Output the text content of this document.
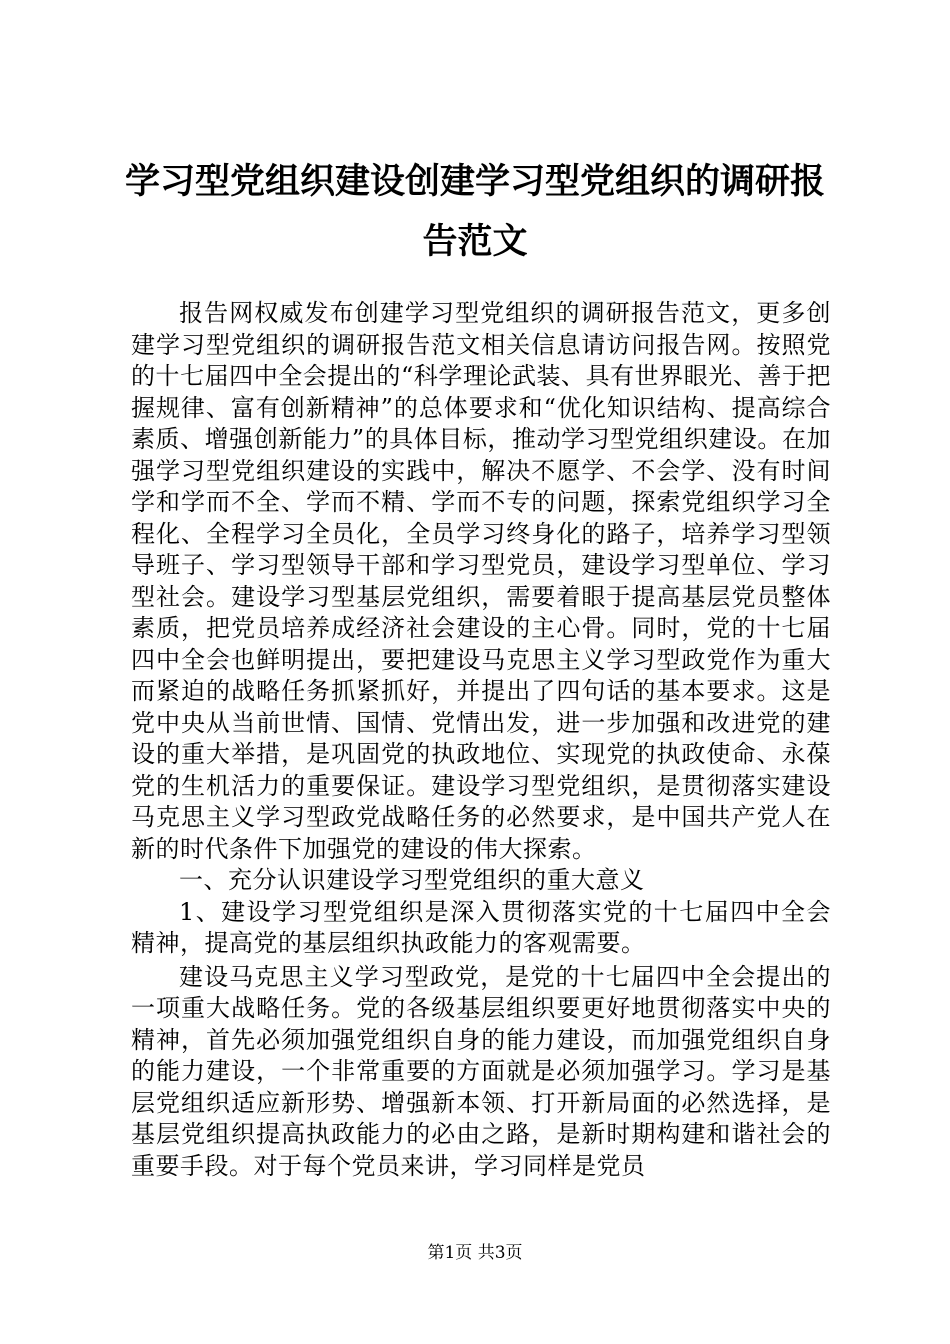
学习型党组织建设创建学习型党组织的调研报
告范文

报告网权威发布创建学习型党组织的调研报告范文，更多创建学习型党组织的调研报告范文相关信息请访问报告网。按照党的十七届四中全会提出的“科学理论武装、具有世界眼光、善于把握规律、富有创新精神”的总体要求和“优化知识结构、提高综合素质、增强创新能力”的具体目标，推动学习型党组织建设。在加强学习型党组织建设的实践中，解决不愿学、不会学、没有时间学和学而不全、学而不精、学而不专的问题，探索党组织学习全程化、全程学习全员化，全员学习终身化的路子，培养学习型领导班子、学习型领导干部和学习型党员，建设学习型单位、学习型社会。建设学习型基层党组织，需要着眼于提高基层党员整体素质，把党员培养成经济社会建设的主心骨。同时，党的十七届四中全会也鲜明提出，要把建设马克思主义学习型政党作为重大而紧迫的战略任务抓紧抓好，并提出了四句话的基本要求。这是党中央从当前世情、国情、党情出发，进一步加强和改进党的建设的重大举措，是巩固党的执政地位、实现党的执政使命、永葆党的生机活力的重要保证。建设学习型党组织，是贯彻落实建设马克思主义学习型政党战略任务的必然要求，是中国共产党人在新的时代条件下加强党的建设的伟大探索。

一、充分认识建设学习型党组织的重大意义

1、建设学习型党组织是深入贯彻落实党的十七届四中全会精神，提高党的基层组织执政能力的客观需要。

建设马克思主义学习型政党，是党的十七届四中全会提出的一项重大战略任务。党的各级基层组织要更好地贯彻落实中央的精神，首先必须加强党组织自身的能力建设，而加强党组织自身的能力建设，一个非常重要的方面就是必须加强学习。学习是基层党组织适应新形势、增强新本领、打开新局面的必然选择，是基层党组织提高执政能力的必由之路，是新时期构建和谐社会的重要手段。对于每个党员来讲，学习同样是党员

第1页 共3页
